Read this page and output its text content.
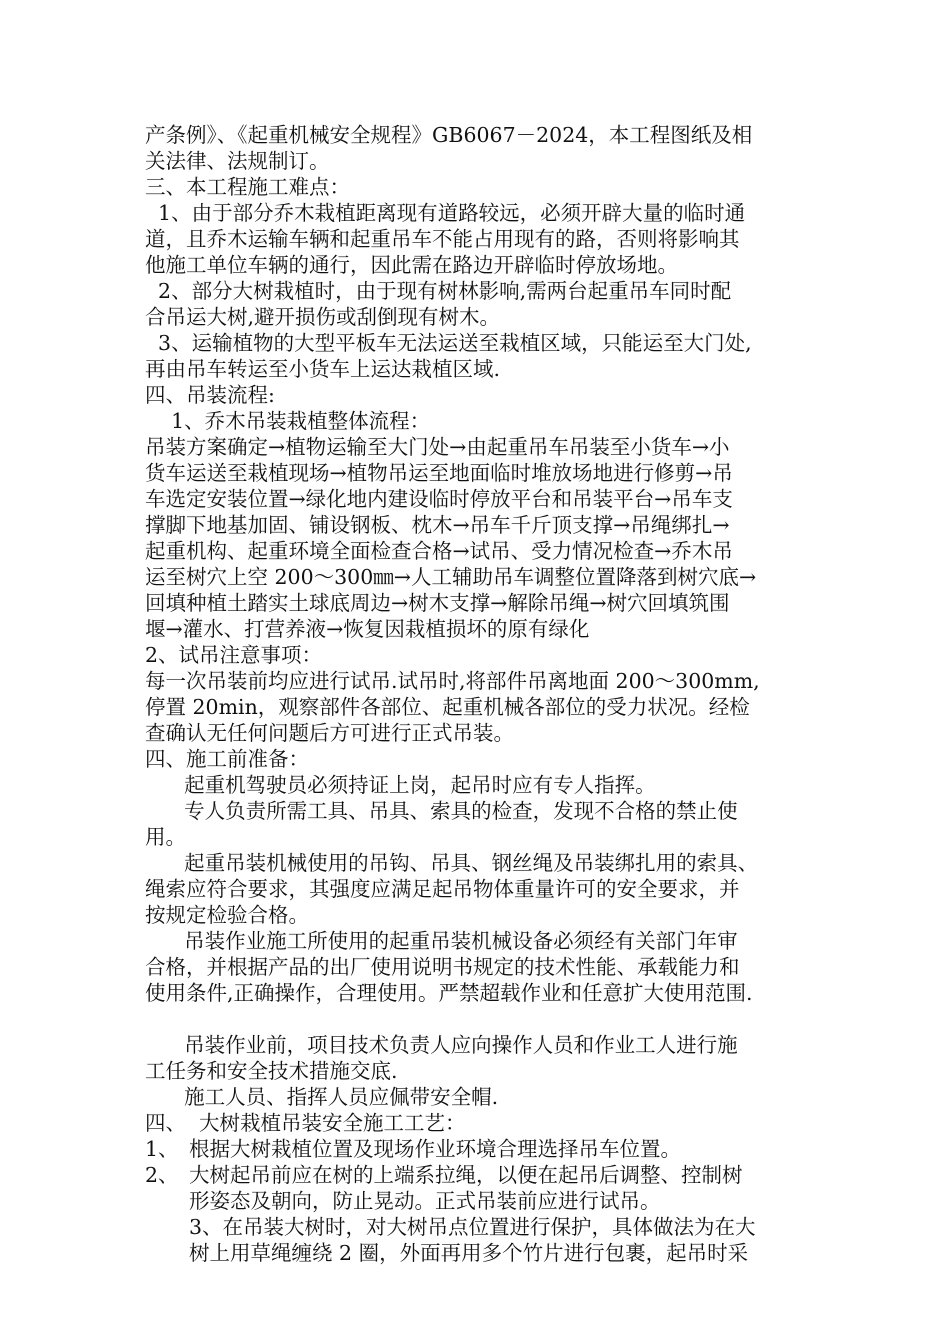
产条例》、《起重机械安全规程》GB6067－2024，本工程图纸及相
关法律、法规制订。
三、本工程施工难点：
1、由于部分乔木栽植距离现有道路较远，必须开辟大量的临时通
道，且乔木运输车辆和起重吊车不能占用现有的路，否则将影响其
他施工单位车辆的通行，因此需在路边开辟临时停放场地。
2、部分大树栽植时，由于现有树林影响,需两台起重吊车同时配
合吊运大树,避开损伤或刮倒现有树木。
3、运输植物的大型平板车无法运送至栽植区域，只能运至大门处,
再由吊车转运至小货车上运达栽植区域.
四、吊装流程:
1、乔木吊装栽植整体流程：
吊装方案确定→植物运输至大门处→由起重吊车吊装至小货车→小
货车运送至栽植现场→植物吊运至地面临时堆放场地进行修剪→吊
车选定安装位置→绿化地内建设临时停放平台和吊装平台→吊车支
撑脚下地基加固、铺设钢板、枕木→吊车千斤顶支撑→吊绳绑扎→
起重机构、起重环境全面检查合格→试吊、受力情况检查→乔木吊
运至树穴上空 200～300㎜→人工辅助吊车调整位置降落到树穴底→
回填种植土踏实土球底周边→树木支撑→解除吊绳→树穴回填筑围
堰→灌水、打营养液→恢复因栽植损坏的原有绿化
2、试吊注意事项：
每一次吊装前均应进行试吊.试吊时,将部件吊离地面 200～300mm,
停置 20min，观察部件各部位、起重机械各部位的受力状况。经检
查确认无任何问题后方可进行正式吊装。
四、施工前准备：
起重机驾驶员必须持证上岗，起吊时应有专人指挥。
专人负责所需工具、吊具、索具的检查，发现不合格的禁止使
用。
起重吊装机械使用的吊钩、吊具、钢丝绳及吊装绑扎用的索具、
绳索应符合要求，其强度应满足起吊物体重量许可的安全要求，并
按规定检验合格。
吊装作业施工所使用的起重吊装机械设备必须经有关部门年审
合格，并根据产品的出厂使用说明书规定的技术性能、承载能力和
使用条件,正确操作，合理使用。严禁超载作业和任意扩大使用范围.
吊装作业前，项目技术负责人应向操作人员和作业工人进行施
工任务和安全技术措施交底.
施工人员、指挥人员应佩带安全帽.
四、  大树栽植吊装安全施工工艺：
1、 根据大树栽植位置及现场作业环境合理选择吊车位置。
2、 大树起吊前应在树的上端系拉绳，以便在起吊后调整、控制树
形姿态及朝向，防止晃动。正式吊装前应进行试吊。
3、在吊装大树时，对大树吊点位置进行保护，具体做法为在大
树上用草绳缠绕 2 圈，外面再用多个竹片进行包裹，起吊时采
